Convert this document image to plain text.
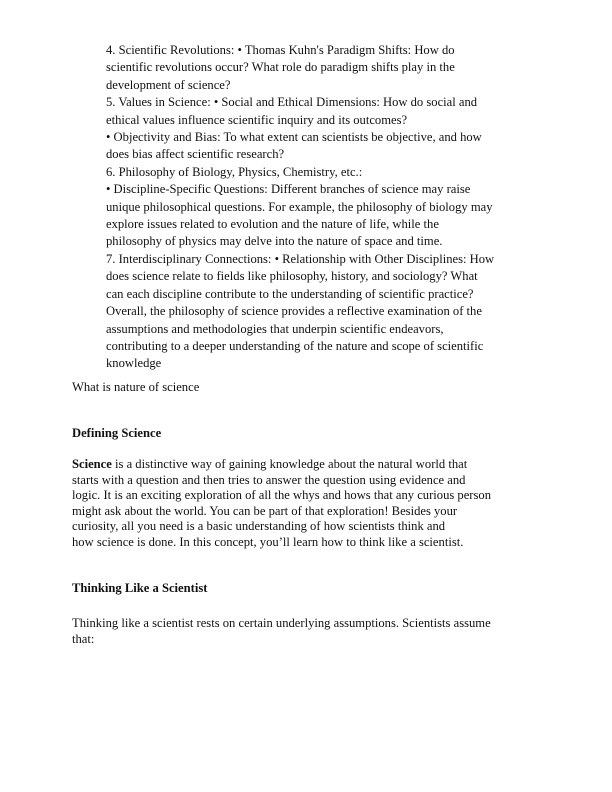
4. Scientific Revolutions: • Thomas Kuhn's Paradigm Shifts: How do
scientific revolutions occur? What role do paradigm shifts play in the
development of science?
5. Values in Science: • Social and Ethical Dimensions: How do social and
ethical values influence scientific inquiry and its outcomes?
• Objectivity and Bias: To what extent can scientists be objective, and how
does bias affect scientific research?
6. Philosophy of Biology, Physics, Chemistry, etc.:
• Discipline-Specific Questions: Different branches of science may raise
unique philosophical questions. For example, the philosophy of biology may
explore issues related to evolution and the nature of life, while the
philosophy of physics may delve into the nature of space and time.
7. Interdisciplinary Connections: • Relationship with Other Disciplines: How
does science relate to fields like philosophy, history, and sociology? What
can each discipline contribute to the understanding of scientific practice?
Overall, the philosophy of science provides a reflective examination of the
assumptions and methodologies that underpin scientific endeavors,
contributing to a deeper understanding of the nature and scope of scientific
knowledge
What is nature of science
Defining Science
Science is a distinctive way of gaining knowledge about the natural world that
starts with a question and then tries to answer the question using evidence and
logic. It is an exciting exploration of all the whys and hows that any curious person
might ask about the world. You can be part of that exploration! Besides your
curiosity, all you need is a basic understanding of how scientists think and
how science is done. In this concept, you’ll learn how to think like a scientist.
Thinking Like a Scientist
Thinking like a scientist rests on certain underlying assumptions. Scientists assume
that:
